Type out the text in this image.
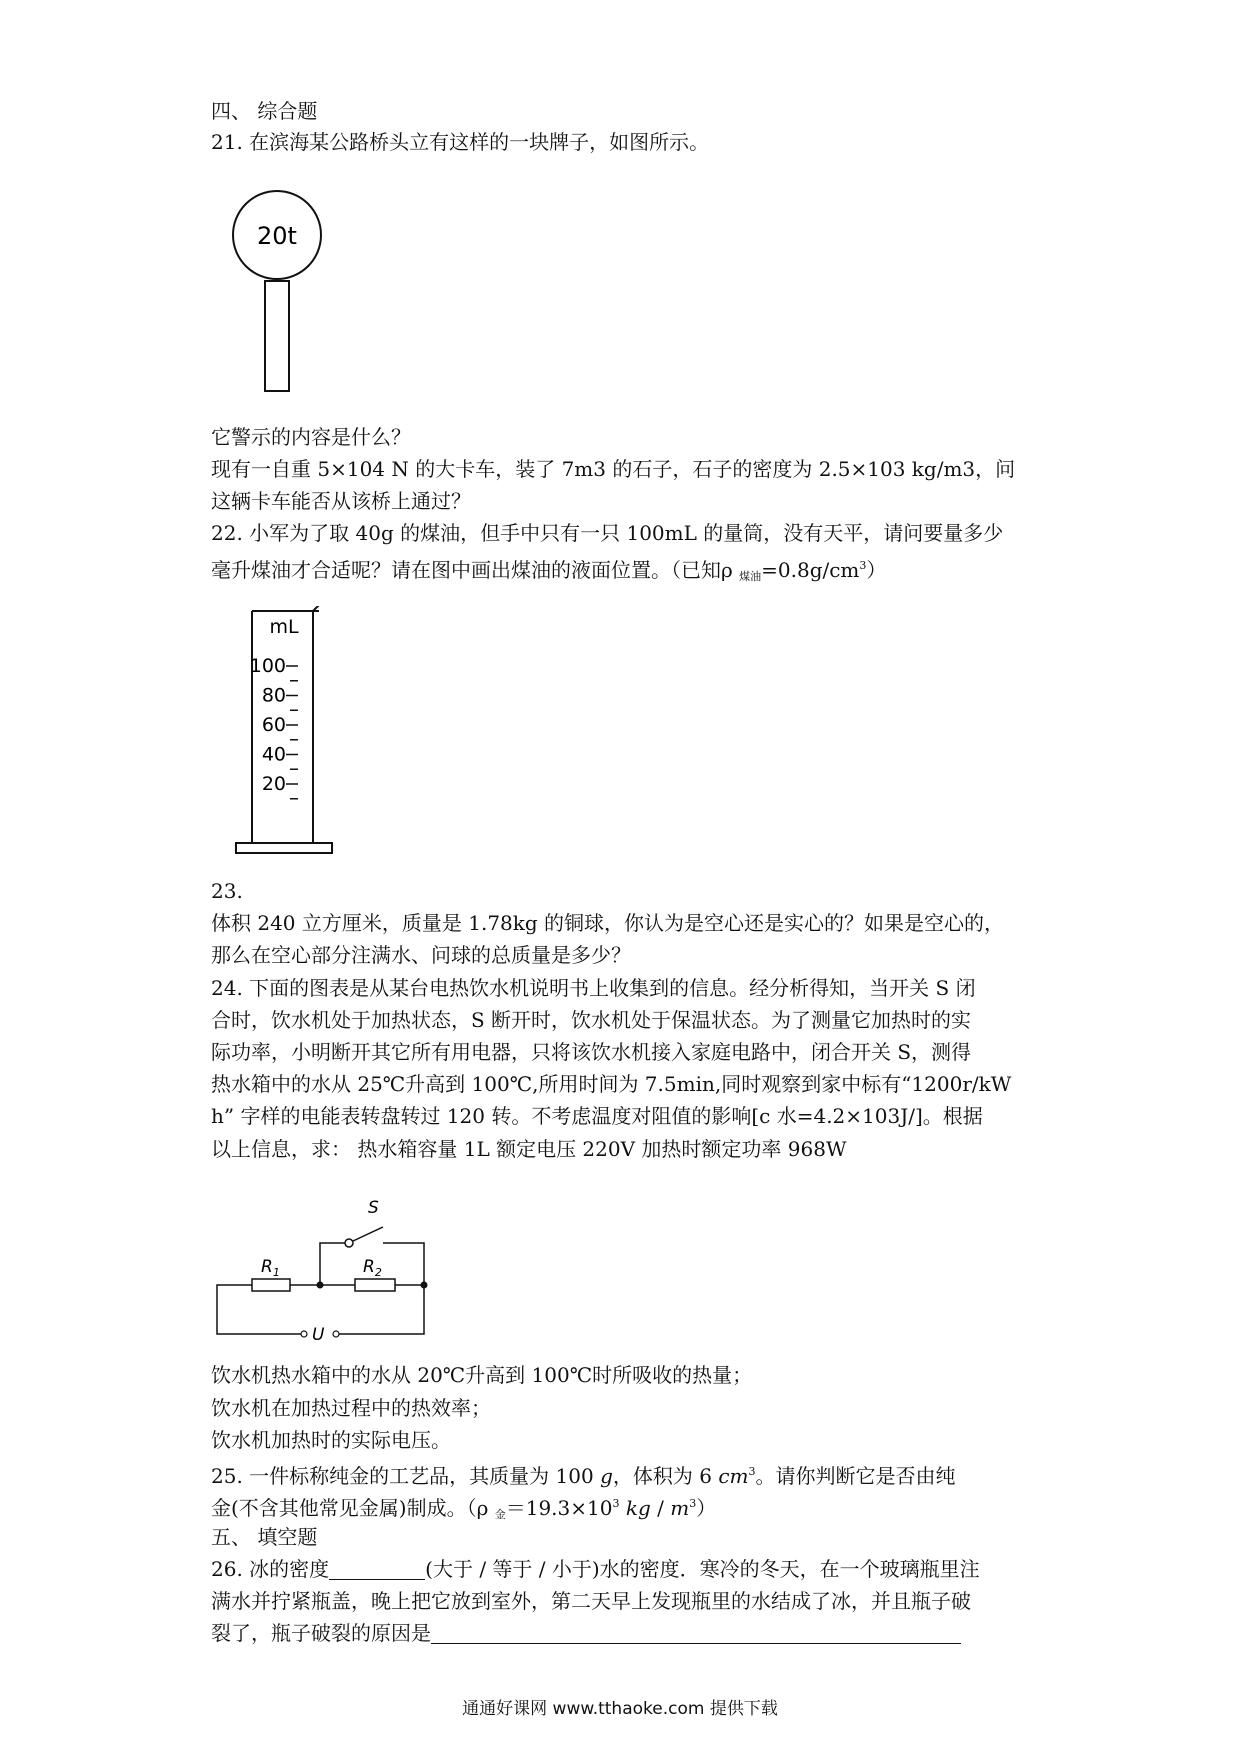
四、 综合题
21. 在滨海某公路桥头立有这样的一块牌子，如图所示。
20t
它警示的内容是什么？
现有一自重 5×104 N 的大卡车，装了 7m3 的石子，石子的密度为 2.5×103 kg/m3，问
这辆卡车能否从该桥上通过？
22. 小军为了取 40g 的煤油，但手中只有一只 100mL 的量筒，没有天平，请问要量多少
毫升煤油才合适呢？请在图中画出煤油的液面位置。（已知ρ $_{煤油}=0.8g/cm^3$）
mL
100
80
60
40
20
23.
体积 240 立方厘米，质量是 1.78kg 的铜球，你认为是空心还是实心的？如果是空心的，
那么在空心部分注满水、问球的总质量是多少？
24. 下面的图表是从某台电热饮水机说明书上收集到的信息。经分析得知，当开关 S 闭
合时，饮水机处于加热状态，S 断开时，饮水机处于保温状态。为了测量它加热时的实
际功率，小明断开其它所有用电器，只将该饮水机接入家庭电路中，闭合开关 S，测得
热水箱中的水从 25℃升高到 100℃,所用时间为 7.5min,同时观察到家中标有“1200r/kW
h” 字样的电能表转盘转过 120 转。不考虑温度对阻值的影响[c 水=4.2×103J/]。根据
以上信息，求： 热水箱容量 1L 额定电压 220V 加热时额定功率 968W
S
$R_1$	$R_2$
U
饮水机热水箱中的水从 20℃升高到 100℃时所吸收的热量；
饮水机在加热过程中的热效率；
饮水机加热时的实际电压。
25. 一件标称纯金的工艺品，其质量为 100 g，体积为 6 $cm^3$。请你判断它是否由纯
金(不含其他常见金属)制成。（ρ $_金=19.3\times 10^3$ kg / $m^3$）
五、 填空题
26. 冰的密度	(大于 / 等于 / 小于)水的密度．寒冷的冬天，在一个玻璃瓶里注
满水并拧紧瓶盖，晚上把它放到室外，第二天早上发现瓶里的水结成了冰，并且瓶子破
裂了，瓶子破裂的原因是
通通好课网 www.tthaoke.com 提供下载
